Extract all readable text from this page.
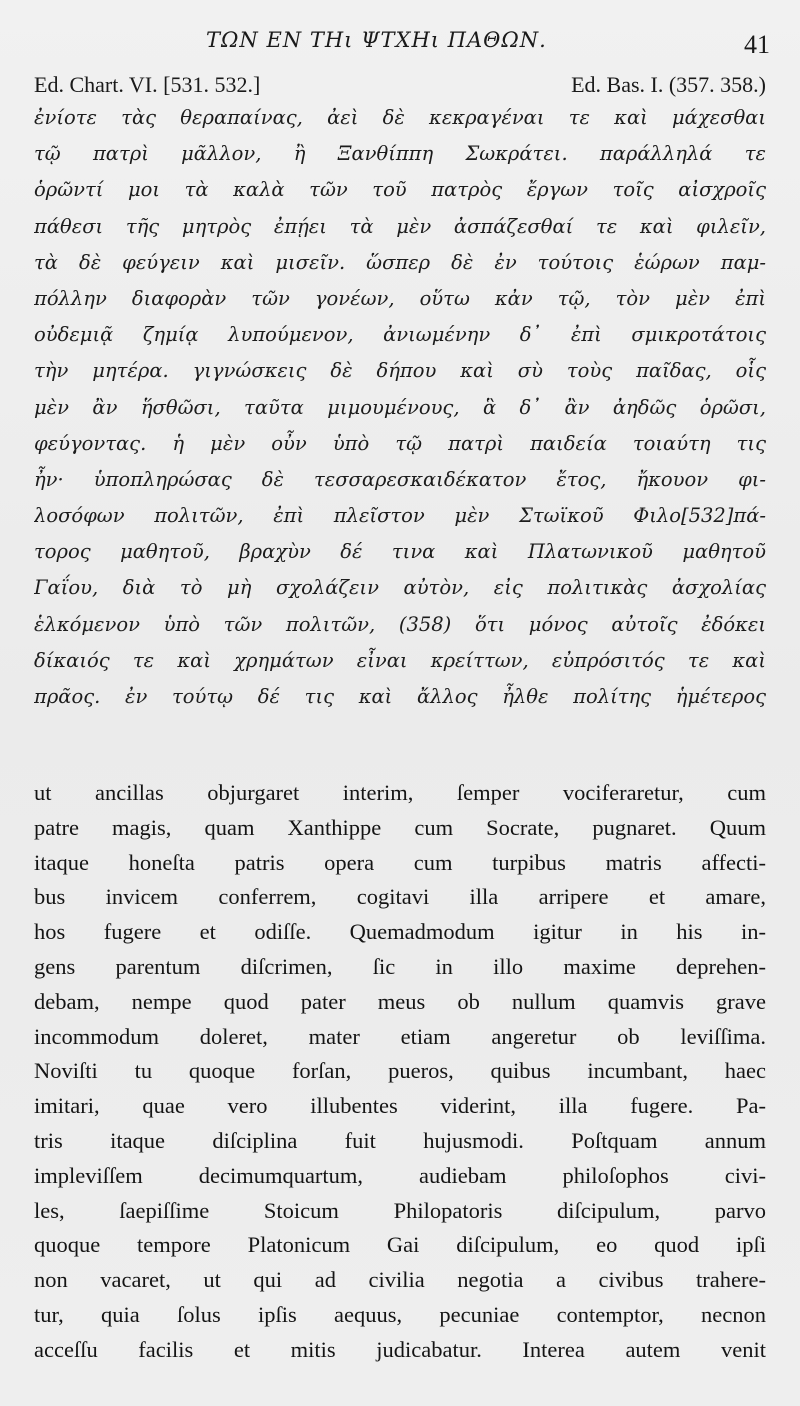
ΤΩΝ ΕΝ ΤΗι ΨΤΧΗι ΠΑΘΩΝ.	41
Ed. Chart. VI. [531. 532.]	Ed. Bas. I. (357. 358.)
ἐνίοτε τὰς θεραπαίνας, ἀεὶ δὲ κεκραγέναι τε καὶ μάχεσθαι
τῷ πατρὶ μᾶλλον, ἢ Ξανθίππη Σωκράτει. παράλληλά τε
ὁρῶντί μοι τὰ καλὰ τῶν τοῦ πατρὸς ἔργων τοῖς αἰσχροῖς
πάθεσι τῆς μητρὸς ἐπῄει τὰ μὲν ἀσπάζεσθαί τε καὶ φιλεῖν,
τὰ δὲ φεύγειν καὶ μισεῖν. ὥσπερ δὲ ἐν τούτοις ἑώρων παμ-
πόλλην διαφορὰν τῶν γονέων, οὕτω κἀν τῷ, τὸν μὲν ἐπὶ
οὐδεμιᾷ ζημίᾳ λυπούμενον, ἀνιωμένην δ᾽ ἐπὶ σμικροτάτοις
τὴν μητέρα. γιγνώσκεις δὲ δήπου καὶ σὺ τοὺς παῖδας, οἷς
μὲν ἂν ἥσθῶσι, ταῦτα μιμουμένους, ἃ δ᾽ ἂν ἀηδῶς ὁρῶσι,
φεύγοντας. ἡ μὲν οὖν ὑπὸ τῷ πατρὶ παιδεία τοιαύτη τις
ἦν· ὑποπληρώσας δὲ τεσσαρεσκαιδέκατον ἔτος, ἤκουον φι-
λοσόφων πολιτῶν, ἐπὶ πλεῖστον μὲν Στωϊκοῦ Φιλο[532]πά-
τορος μαθητοῦ, βραχὺν δέ τινα καὶ Πλατωνικοῦ μαθητοῦ
Γαΐου, διὰ τὸ μὴ σχολάζειν αὐτὸν, εἰς πολιτικὰς ἀσχολίας
ἑλκόμενον ὑπὸ τῶν πολιτῶν, (358) ὅτι μόνος αὐτοῖς ἐδόκει
δίκαιός τε καὶ χρημάτων εἶναι κρείττων, εὐπρόσιτός τε καὶ
πρᾶος. ἐν τούτῳ δέ τις καὶ ἄλλος ἦλθε πολίτης ἡμέτερος
ut ancillas objurgaret interim, ſemper vociferaretur, cum
patre magis, quam Xanthippe cum Socrate, pugnaret. Quum
itaque honeſta patris opera cum turpibus matris affecti-
bus invicem conferrem, cogitavi illa arripere et amare,
hos fugere et odiſſe. Quemadmodum igitur in his in-
gens parentum diſcrimen, ſic in illo maxime deprehen-
debam, nempe quod pater meus ob nullum quamvis grave
incommodum doleret, mater etiam angeretur ob leviſſima.
Noviſti tu quoque forſan, pueros, quibus incumbant, haec
imitari, quae vero illubentes viderint, illa fugere. Pa-
tris itaque diſciplina fuit hujusmodi. Poſtquam annum
impleviſſem decimumquartum, audiebam philoſophos civi-
les, ſaepiſſime Stoicum Philopatoris diſcipulum, parvo
quoque tempore Platonicum Gai diſcipulum, eo quod ipſi
non vacaret, ut qui ad civilia negotia a civibus trahere-
tur, quia ſolus ipſis aequus, pecuniae contemptor, necnon
acceſſu facilis et mitis judicabatur. Interea autem venit
